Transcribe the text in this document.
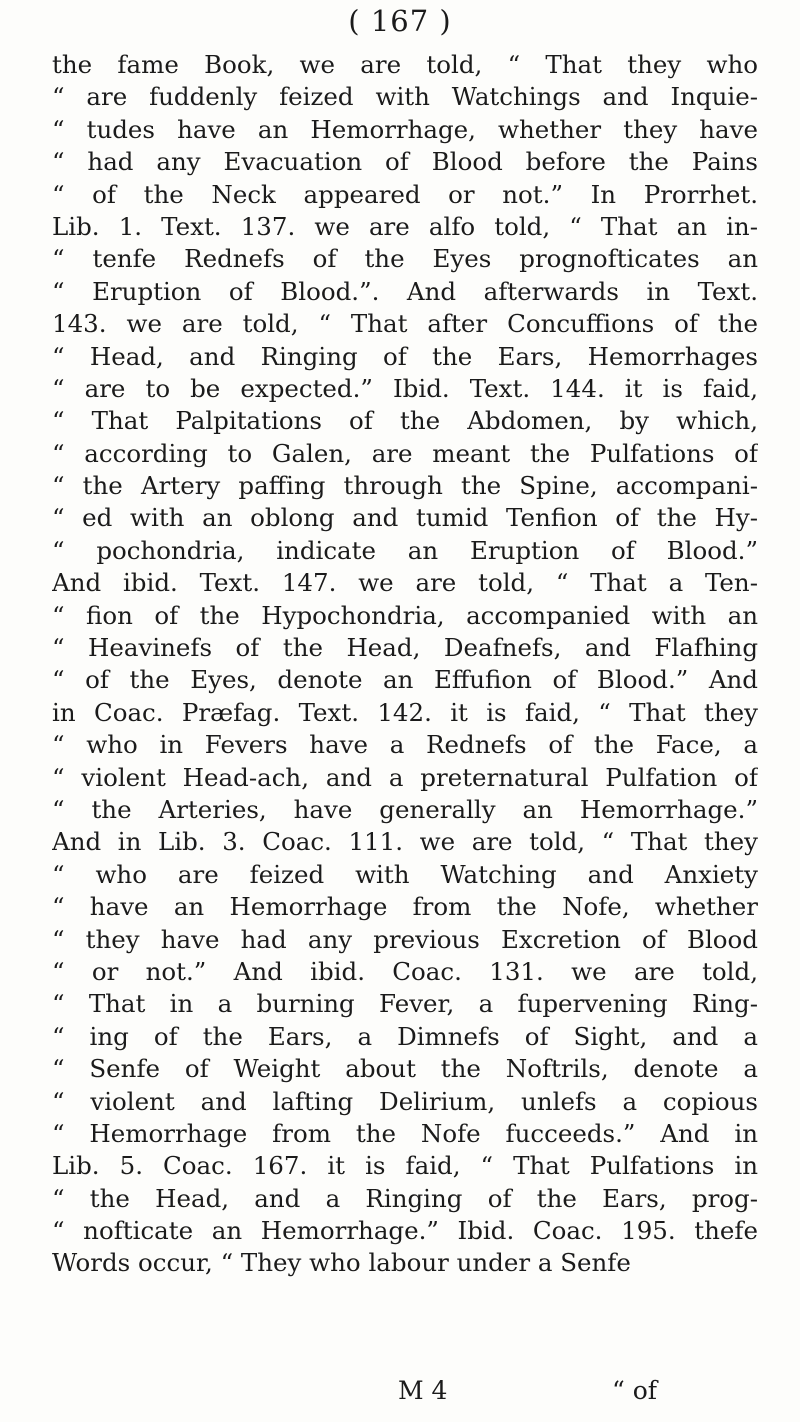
( 167 )
the fame Book, we are told, “ That they who
“ are fuddenly feized with Watchings and Inquie-
“ tudes have an Hemorrhage, whether they have
“ had any Evacuation of Blood before the Pains
“ of the Neck appeared or not.” In Prorrhet.
Lib. 1. Text. 137. we are alfo told, “ That an in-
“ tenfe Rednefs of the Eyes prognofticates an
“ Eruption of Blood.”. And afterwards in Text.
143. we are told, “ That after Concuffions of the
“ Head, and Ringing of the Ears, Hemorrhages
“ are to be expected.” Ibid. Text. 144. it is faid,
“ That Palpitations of the Abdomen, by which,
“ according to Galen, are meant the Pulfations of
“ the Artery paffing through the Spine, accompani-
“ ed with an oblong and tumid Tenfion of the Hy-
“ pochondria, indicate an Eruption of Blood.”
And ibid. Text. 147. we are told, “ That a Ten-
“ fion of the Hypochondria, accompanied with an
“ Heavinefs of the Head, Deafnefs, and Flafhing
“ of the Eyes, denote an Effufion of Blood.” And
in Coac. Præfag. Text. 142. it is faid, “ That they
“ who in Fevers have a Rednefs of the Face, a
“ violent Head-ach, and a preternatural Pulfation of
“ the Arteries, have generally an Hemorrhage.”
And in Lib. 3. Coac. 111. we are told, “ That they
“ who are feized with Watching and Anxiety
“ have an Hemorrhage from the Nofe, whether
“ they have had any previous Excretion of Blood
“ or not.” And ibid. Coac. 131. we are told,
“ That in a burning Fever, a fupervening Ring-
“ ing of the Ears, a Dimnefs of Sight, and a
“ Senfe of Weight about the Noftrils, denote a
“ violent and lafting Delirium, unlefs a copious
“ Hemorrhage from the Nofe fucceeds.” And in
Lib. 5. Coac. 167. it is faid, “ That Pulfations in
“ the Head, and a Ringing of the Ears, prog-
“ nofticate an Hemorrhage.” Ibid. Coac. 195. thefe
Words occur, “ They who labour under a Senfe
M 4	“ of
